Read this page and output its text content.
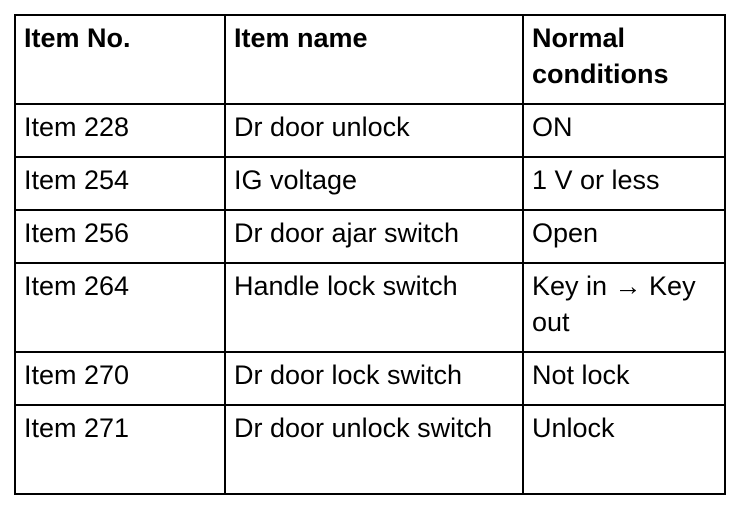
Item No.	Item name	Normal conditions
Item 228	Dr door unlock	ON
Item 254	IG voltage	1 V or less
Item 256	Dr door ajar switch	Open
Item 264	Handle lock switch	Key in → Key out
Item 270	Dr door lock switch	Not lock
Item 271	Dr door unlock switch	Unlock
